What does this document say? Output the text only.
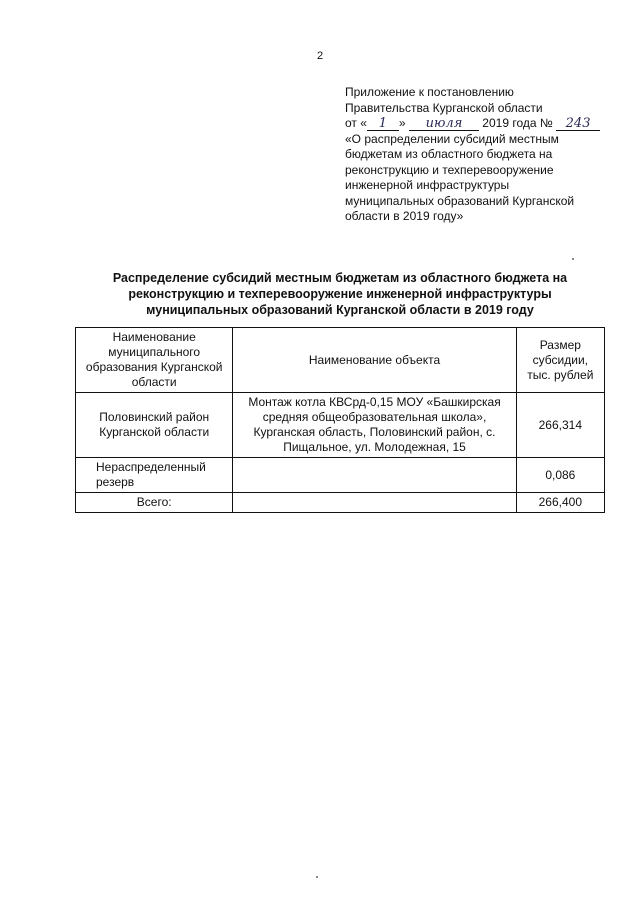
2
Приложение к постановлению
Правительства Курганской области
от « 1 » июля 2019 года № 243
«О распределении субсидий местным
бюджетам из областного бюджета на
реконструкцию и техперевооружение
инженерной инфраструктуры
муниципальных образований Курганской
области в 2019 году»
Распределение субсидий местным бюджетам из областного бюджета на
реконструкцию и техперевооружение инженерной инфраструктуры
муниципальных образований Курганской области в 2019 году
Наименование муниципального образования Курганской области	Наименование объекта	Размер субсидии, тыс. рублей
Половинский район Курганской области	Монтаж котла КВСрд-0,15 МОУ «Башкирская средняя общеобразовательная школа», Курганская область, Половинский район, с. Пищальное, ул. Молодежная, 15	266,314
Нераспределенный резерв		0,086
Всего:		266,400
